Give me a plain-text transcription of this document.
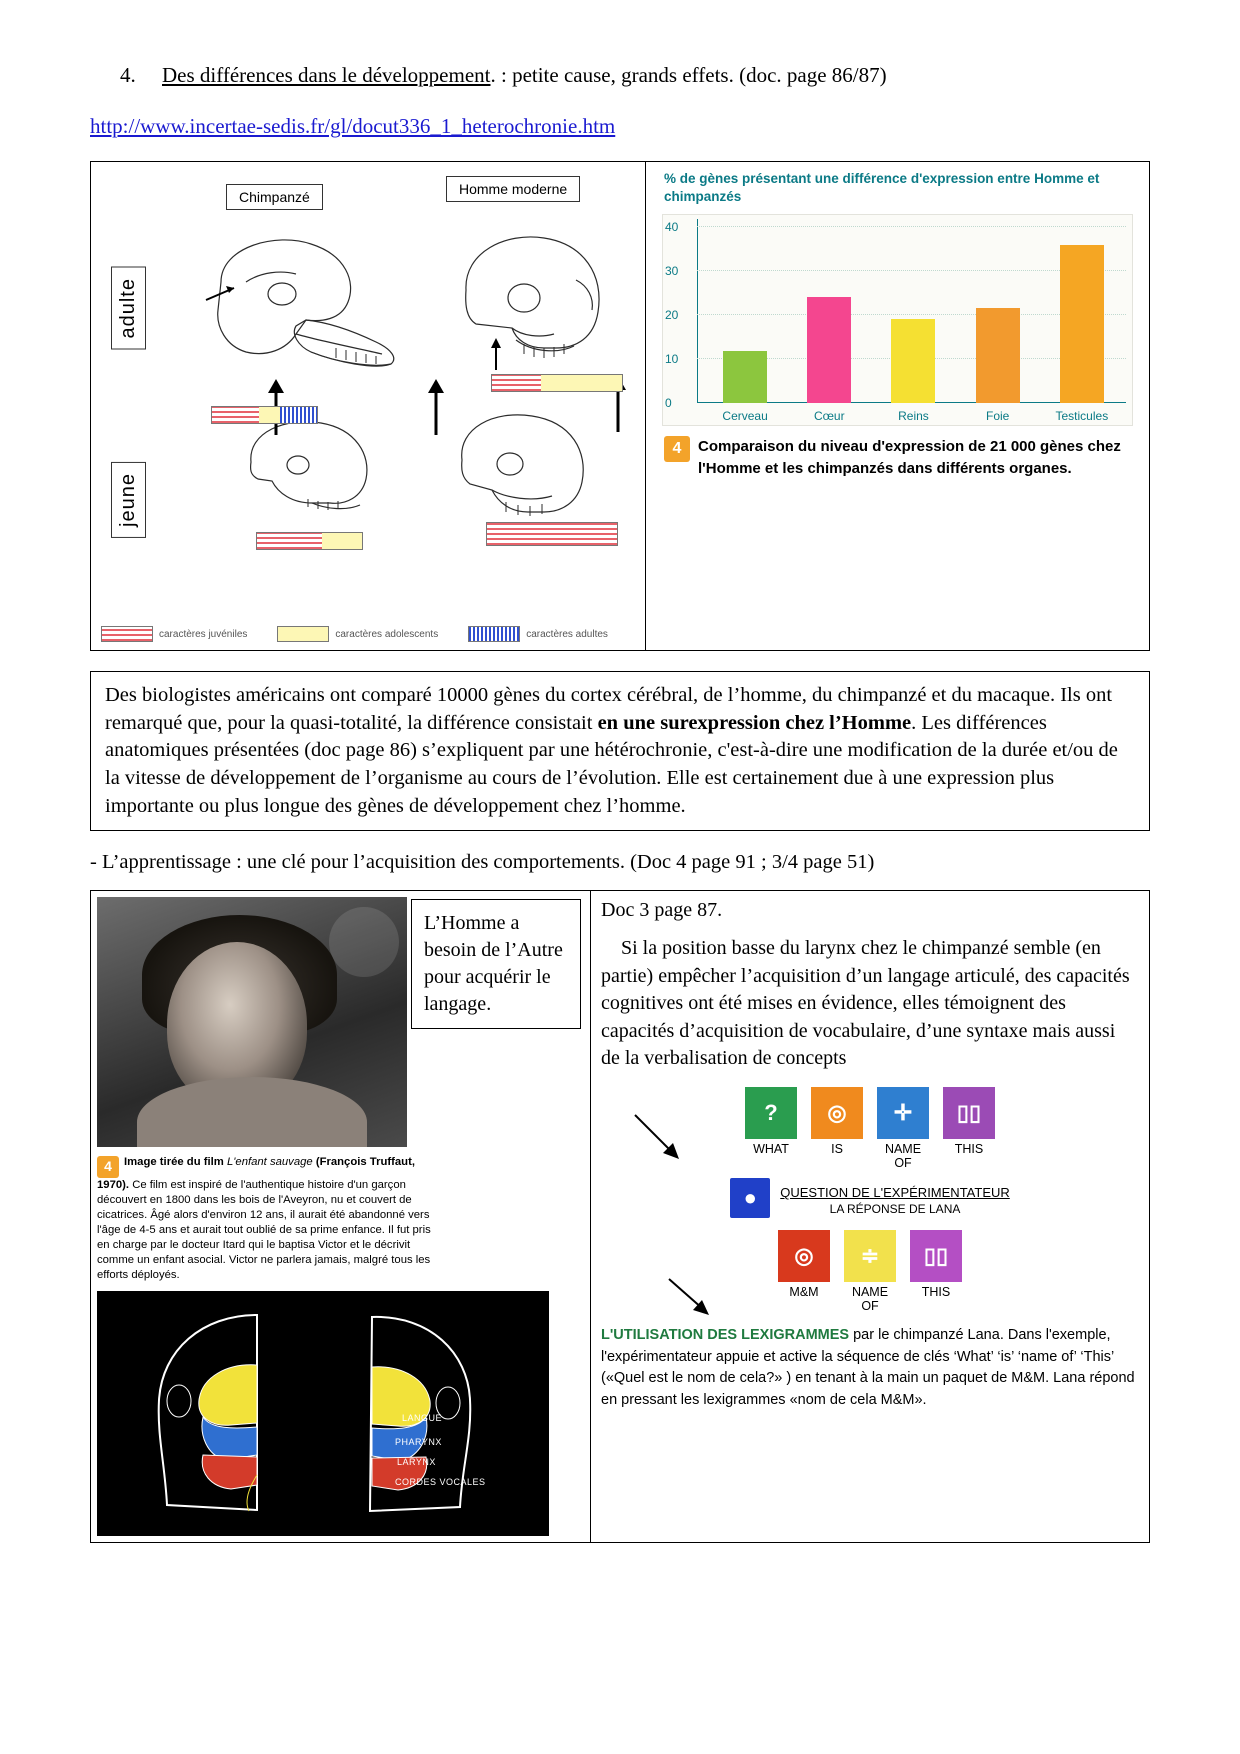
4.	Des différences dans le développement. : petite cause, grands effets. (doc. page 86/87)
http://www.incertae-sedis.fr/gl/docut336_1_heterochronie.htm
Chimpanzé	Homme moderne
adulte
jeune
caractères juvéniles	caractères adolescents	caractères adultes
% de gènes présentant une différence d'expression entre Homme et chimpanzés
0
10
20
30
40
Cerveau	Cœur	Reins	Foie	Testicules
4	Comparaison du niveau d'expression de 21 000 gènes chez l'Homme et les chimpanzés dans différents organes.

Des biologistes américains ont comparé 10000 gènes du cortex cérébral, de l’homme, du chimpanzé et du macaque. Ils ont remarqué que, pour la quasi-totalité, la différence consistait en une surexpression chez l’Homme. Les différences anatomiques présentées (doc page 86) s’expliquent par une hétérochronie, c'est-à-dire une modification de la durée et/ou de la vitesse de développement de l’organisme au cours de l’évolution. Elle est certainement due à une expression plus importante ou plus longue des gènes de développement chez l’homme.
- L’apprentissage : une clé pour l’acquisition des comportements. (Doc 4 page 91 ; 3/4 page 51)
L’Homme a besoin de l’Autre pour acquérir le langage.
4 Image tirée du film L'enfant sauvage (François Truffaut, 1970). Ce film est inspiré de l'authentique histoire d'un garçon découvert en 1800 dans les bois de l'Aveyron, nu et couvert de cicatrices. Âgé alors d'environ 12 ans, il aurait été abandonné vers l'âge de 4-5 ans et aurait tout oublié de sa prime enfance. Il fut pris en charge par le docteur Itard qui le baptisa Victor et le décrivit comme un enfant asocial. Victor ne parlera jamais, malgré tous les efforts déployés.
LANGUE
PHARYNX
LARYNX
CORDES VOCALES

Doc 3 page 87.

Si la position basse du larynx chez le chimpanzé semble (en partie) empêcher l’acquisition d’un langage articulé, des capacités cognitives ont été mises en évidence, elles témoignent des capacités d’acquisition de vocabulaire, d’une syntaxe mais aussi de la verbalisation de concepts

?	◎	✛	▯▯
WHAT	IS	NAME OF
THIS
●	QUESTION DE L'EXPÉRIMENTATEUR
LA RÉPONSE DE LANA
◎	≑	▯▯
M&M	NAME OF
THIS
L'UTILISATION DES LEXIGRAMMES par le chimpanzé Lana. Dans l'exemple, l'expérimentateur appuie et active la séquence de clés ‘What’ ‘is’ ‘name of’ ‘This’ («Quel est le nom de cela?» ) en tenant à la main un paquet de M&M. Lana répond en pressant les lexigrammes «nom de cela M&M».
